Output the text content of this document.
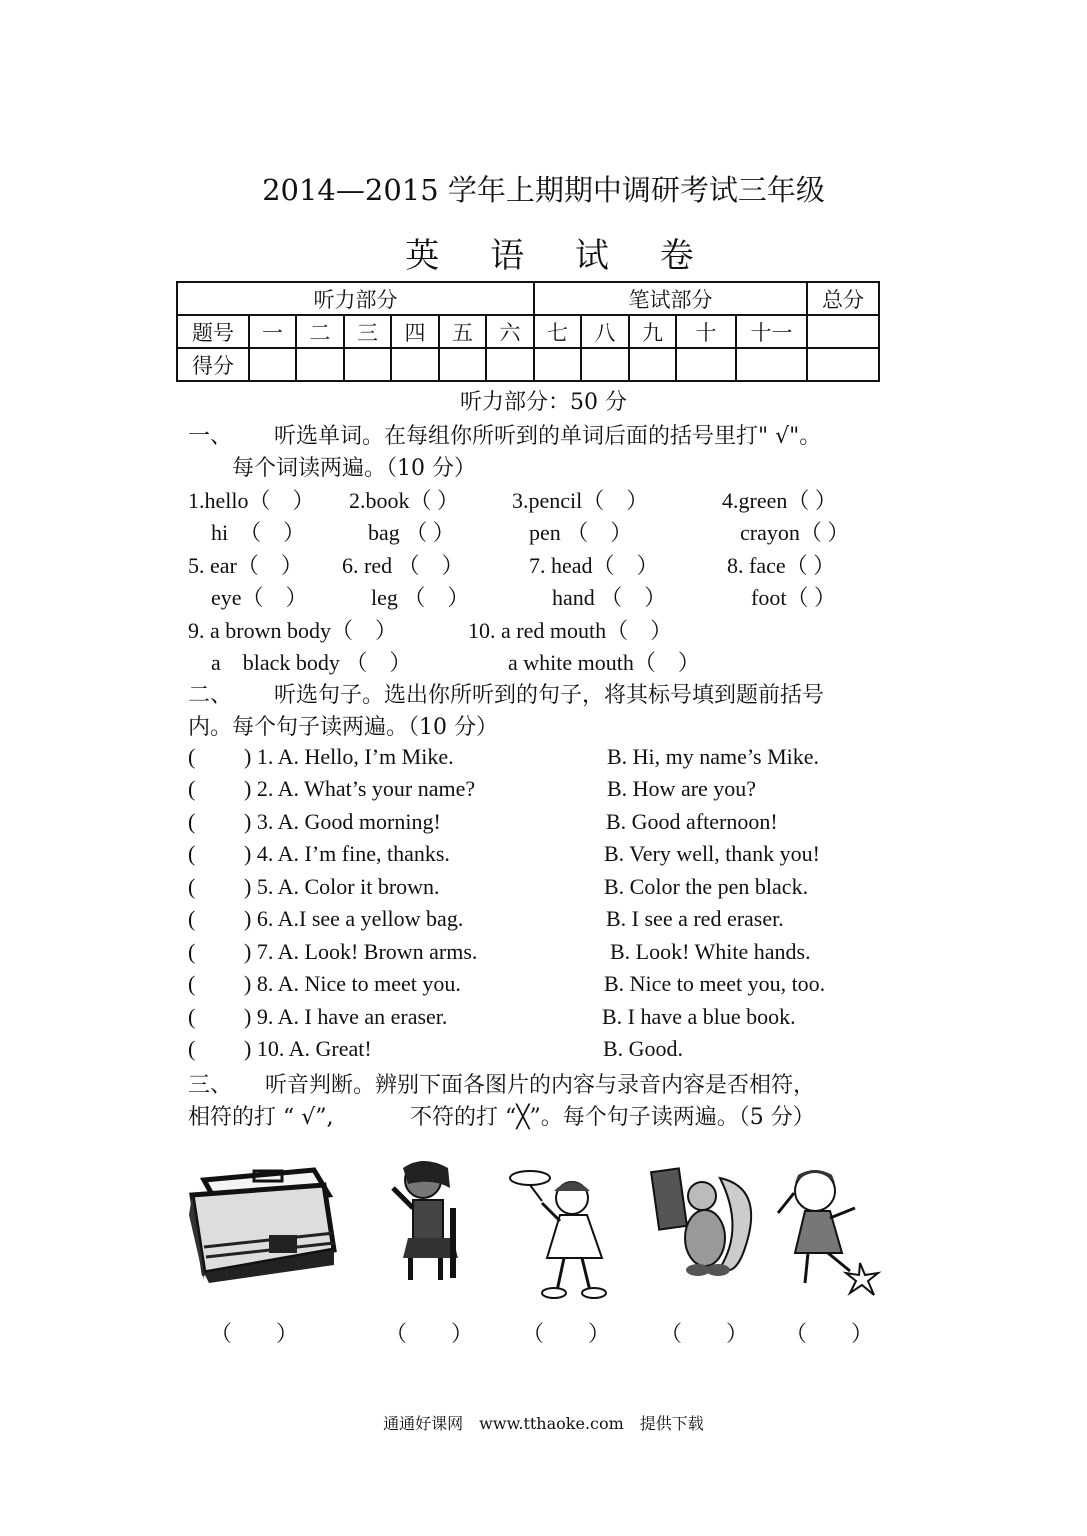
2014—2015 学年上期期中调研考试三年级
英 语 试 卷
听力部分							笔试部分					总分
题号	一	二	三	四	五	六	七	八	九	十	十一	
得分												
听力部分：50 分
一、 听选单词。在每组你所听到的单词后面的括号里打" √"。
每个词读两遍。（10 分）
1.hello（　） 2.book（ ） 3.pencil（　）	4.green（ ）
hi　（　）	bag （ ）	pen （　）	crayon（ ）
5. ear（　） 6. red （　）	7. head（　）	8. face（ ）
eye（　）	leg （　）	hand （　）	foot（ ）
9. a brown body（　）	10. a red mouth（　）
a　black body （　）	a white mouth（　）
二、 听选句子。选出你所听到的句子，将其标号填到题前括号
内。每个句子读两遍。（10 分）
( ) 1. A. Hello, I’m Mike.	B. Hi, my name’s Mike.
( ) 2. A. What’s your name?	B. How are you?
( ) 3. A. Good morning!	B. Good afternoon!
( ) 4. A. I’m fine, thanks.	B. Very well, thank you!
( ) 5. A. Color it brown.	B. Color the pen black.
( ) 6. A.I see a yellow bag.	B. I see a red eraser.
( ) 7. A. Look! Brown arms.	B. Look! White hands.
( ) 8. A. Nice to meet you.	B. Nice to meet you, too.
( ) 9. A. I have an eraser.	B. I have a blue book.
( ) 10. A. Great!	B. Good.
三、 听音判断。辨别下面各图片的内容与录音内容是否相符，
相符的打 “ √”,	不符的打 “╳”。每个句子读两遍。（5 分）
（　　）	（　　） （　　） （　　） （　　）
通通好课网　www.tthaoke.com　提供下载
